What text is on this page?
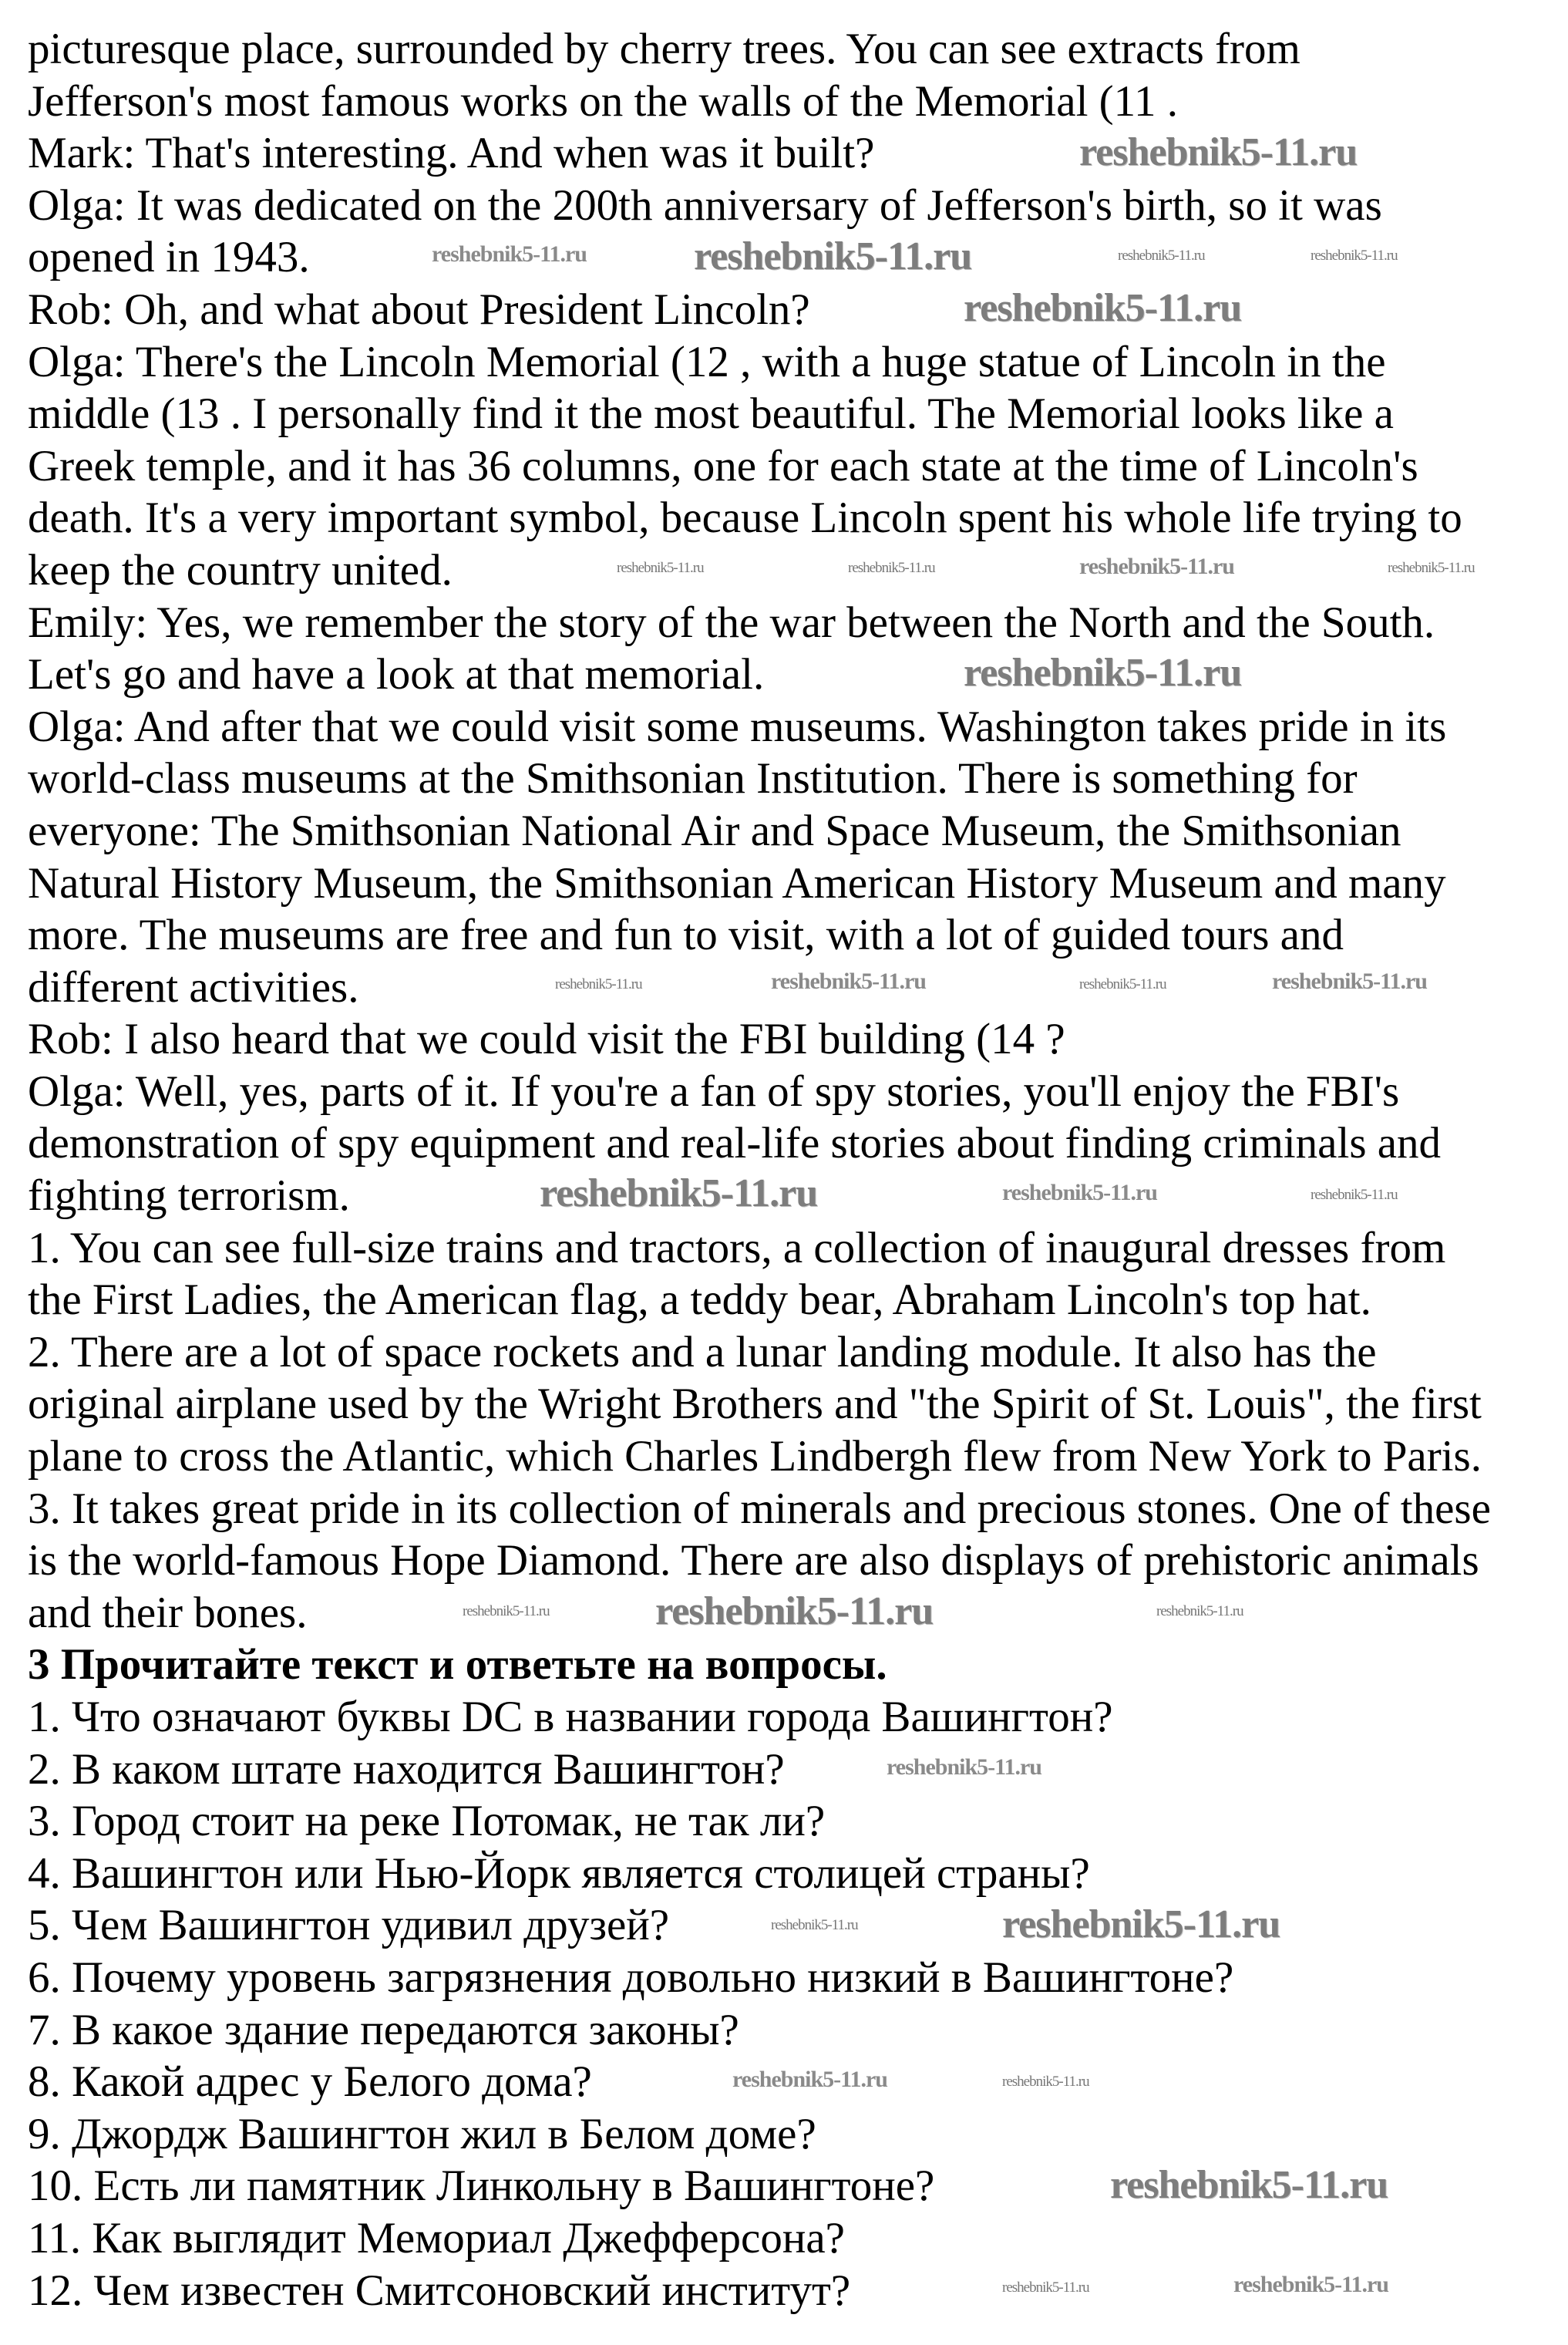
picturesque place, surrounded by cherry trees. You can see extracts from
Jefferson's most famous works on the walls of the Memorial (11 .
Mark: That's interesting. And when was it built?
Olga: It was dedicated on the 200th anniversary of Jefferson's birth, so it was
opened in 1943.
Rob: Oh, and what about President Lincoln?
Olga: There's the Lincoln Memorial (12 , with a huge statue of Lincoln in the
middle (13 . I personally find it the most beautiful. The Memorial looks like a
Greek temple, and it has 36 columns, one for each state at the time of Lincoln's
death. It's a very important symbol, because Lincoln spent his whole life trying to
keep the country united.
Emily: Yes, we remember the story of the war between the North and the South.
Let's go and have a look at that memorial.
Olga: And after that we could visit some museums. Washington takes pride in its
world-class museums at the Smithsonian Institution. There is something for
everyone: The Smithsonian National Air and Space Museum, the Smithsonian
Natural History Museum, the Smithsonian American History Museum and many
more. The museums are free and fun to visit, with a lot of guided tours and
different activities.
Rob: I also heard that we could visit the FBI building (14 ?
Olga: Well, yes, parts of it. If you're a fan of spy stories, you'll enjoy the FBI's
demonstration of spy equipment and real-life stories about finding criminals and
fighting terrorism.
1. You can see full-size trains and tractors, a collection of inaugural dresses from
the First Ladies, the American flag, a teddy bear, Abraham Lincoln's top hat.
2. There are a lot of space rockets and a lunar landing module. It also has the
original airplane used by the Wright Brothers and "the Spirit of St. Louis", the first
plane to cross the Atlantic, which Charles Lindbergh flew from New York to Paris.
3. It takes great pride in its collection of minerals and precious stones. One of these
is the world-famous Hope Diamond. There are also displays of prehistoric animals
and their bones.
3 Прочитайте текст и ответьте на вопросы.
1. Что означают буквы DC в названии города Вашингтон?
2. В каком штате находится Вашингтон?
3. Город стоит на реке Потомак, не так ли?
4. Вашингтон или Нью-Йорк является столицей страны?
5. Чем Вашингтон удивил друзей?
6. Почему уровень загрязнения довольно низкий в Вашингтоне?
7. В какое здание передаются законы?
8. Какой адрес у Белого дома?
9. Джордж Вашингтон жил в Белом доме?
10. Есть ли памятник Линкольну в Вашингтоне?
11. Как выглядит Мемориал Джефферсона?
12. Чем известен Смитсоновский институт?
reshebnik5-11.ru
reshebnik5-11.ru	reshebnik5-11.ru	reshebnik5-11.ru	reshebnik5-11.ru
reshebnik5-11.ru
reshebnik5-11.ru	reshebnik5-11.ru	reshebnik5-11.ru	reshebnik5-11.ru
reshebnik5-11.ru
reshebnik5-11.ru	reshebnik5-11.ru	reshebnik5-11.ru	reshebnik5-11.ru
reshebnik5-11.ru	reshebnik5-11.ru	reshebnik5-11.ru
reshebnik5-11.ru	reshebnik5-11.ru	reshebnik5-11.ru
reshebnik5-11.ru
reshebnik5-11.ru	reshebnik5-11.ru
reshebnik5-11.ru	reshebnik5-11.ru
reshebnik5-11.ru
reshebnik5-11.ru	reshebnik5-11.ru
